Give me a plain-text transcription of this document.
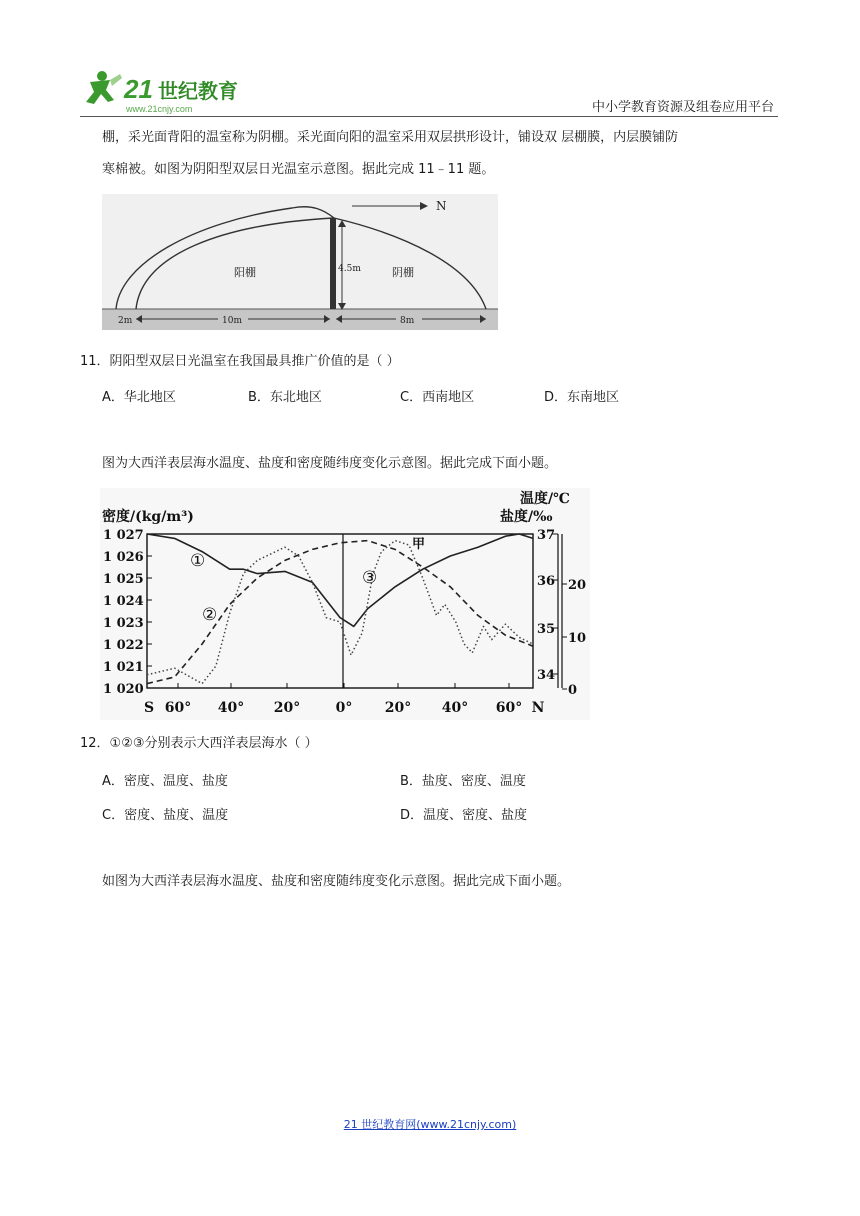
21 世纪教育
www.21cnjy.com	中小学教育资源及组卷应用平台
棚，采光面背阳的温室称为阴棚。采光面向阳的温室采用双层拱形设计，铺设双 层棚膜，内层膜铺防
寒棉被。如图为阴阳型双层日光温室示意图。据此完成 11﹣11 题。
4.5m
N
阳棚	阴棚
2m	10m	8m
11．阴阳型双层日光温室在我国最具推广价值的是（ ）
A．华北地区	B．东北地区	C．西南地区	D．东南地区
图为大西洋表层海水温度、盐度和密度随纬度变化示意图。据此完成下面小题。
密度/(kg/m³)
温度/℃
盐度/‰
1 027
1 026
1 025
1 024
1 023
1 022
1 021
1 020
37
36
35
34
20
10
0
S 60° 40° 20°	0° 20° 40° 60° N
①
②
③
甲
12．①②③分别表示大西洋表层海水（ ）
A．密度、温度、盐度	B．盐度、密度、温度
C．密度、盐度、温度	D．温度、密度、盐度
如图为大西洋表层海水温度、盐度和密度随纬度变化示意图。据此完成下面小题。
21 世纪教育网(www.21cnjy.com)
